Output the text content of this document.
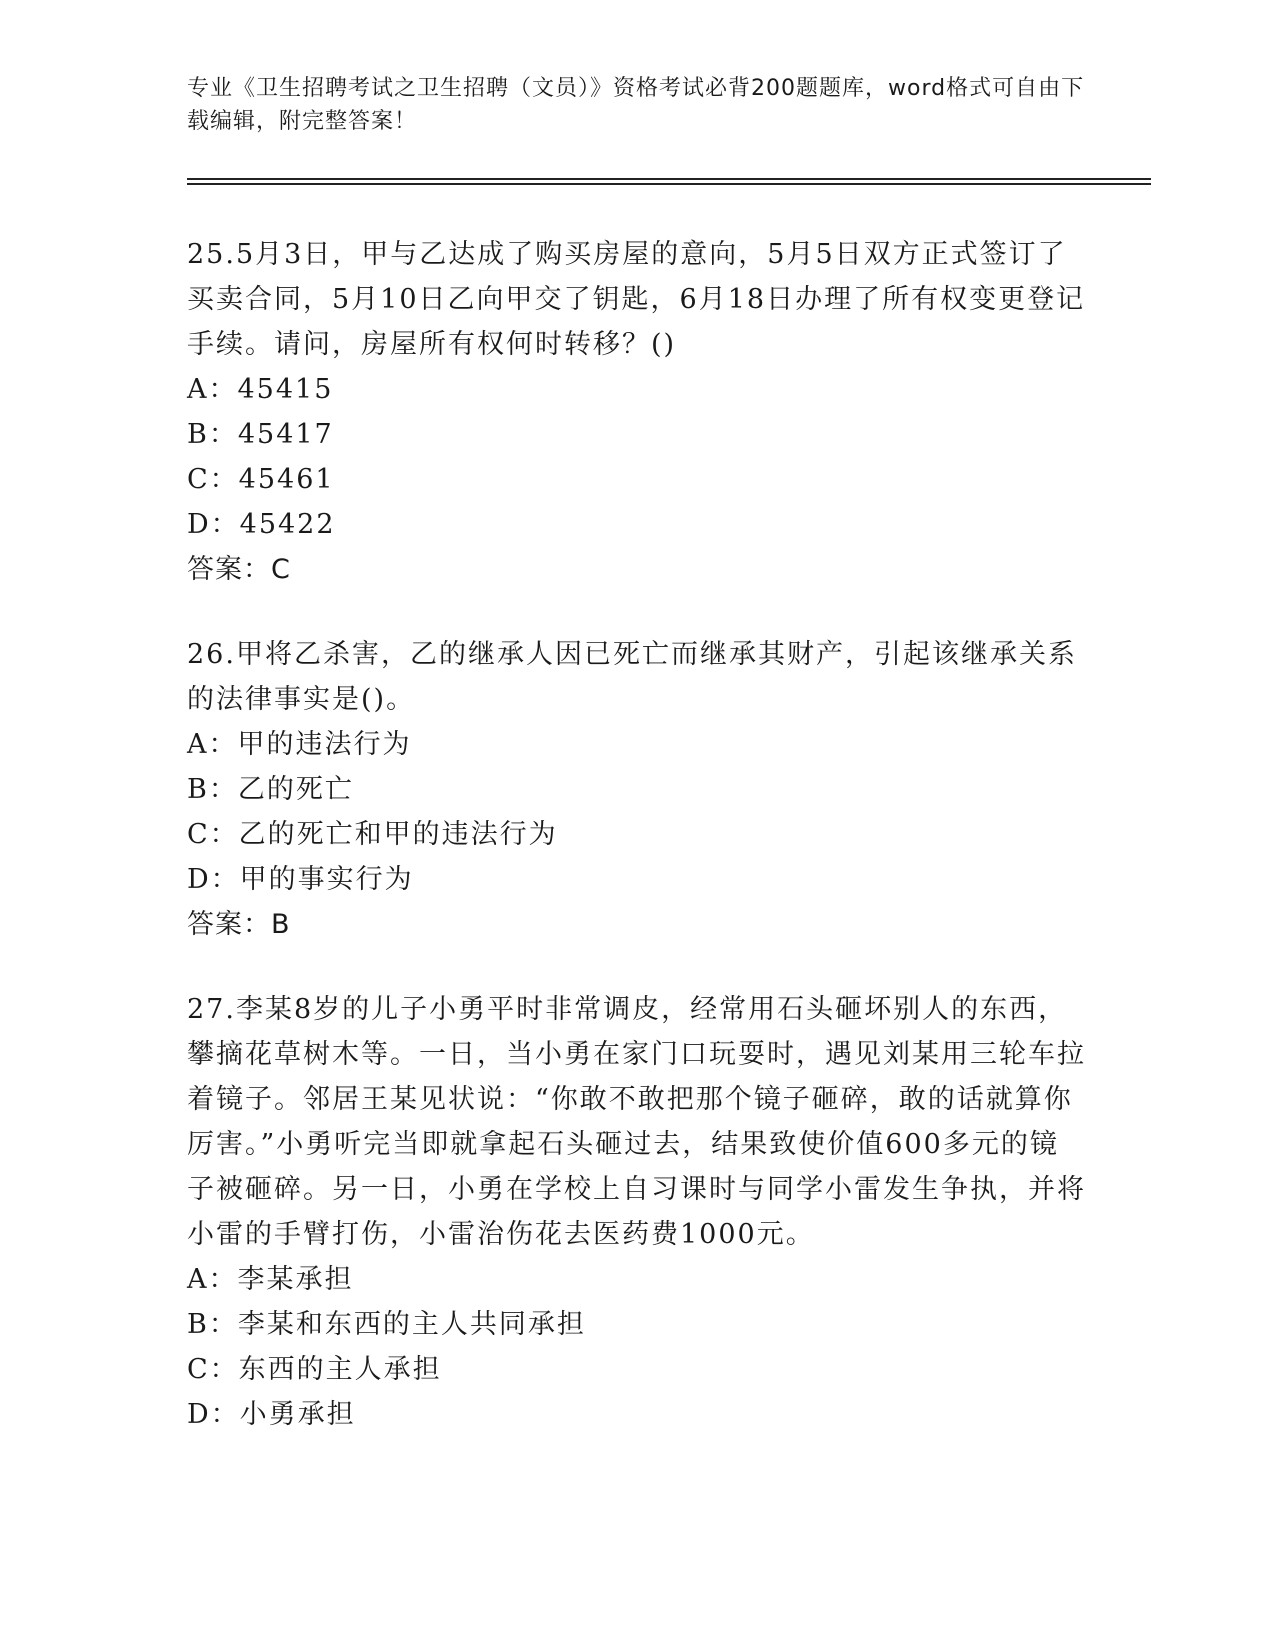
专业《卫生招聘考试之卫生招聘（文员）》资格考试必背200题题库，word格式可自由下载编辑，附完整答案！

25.5月3日，甲与乙达成了购买房屋的意向，5月5日双方正式签订了买卖合同，5月10日乙向甲交了钥匙，6月18日办理了所有权变更登记手续。请问，房屋所有权何时转移？()

A：45415

B：45417

C：45461

D：45422

答案：C

26.甲将乙杀害，乙的继承人因已死亡而继承其财产，引起该继承关系的法律事实是()。

A：甲的违法行为

B：乙的死亡

C：乙的死亡和甲的违法行为

D：甲的事实行为

答案：B

27.李某8岁的儿子小勇平时非常调皮，经常用石头砸坏别人的东西，攀摘花草树木等。一日，当小勇在家门口玩耍时，遇见刘某用三轮车拉着镜子。邻居王某见状说：“你敢不敢把那个镜子砸碎，敢的话就算你厉害。”小勇听完当即就拿起石头砸过去，结果致使价值600多元的镜子被砸碎。另一日，小勇在学校上自习课时与同学小雷发生争执，并将小雷的手臂打伤，小雷治伤花去医药费1000元。

A：李某承担

B：李某和东西的主人共同承担

C：东西的主人承担

D：小勇承担
